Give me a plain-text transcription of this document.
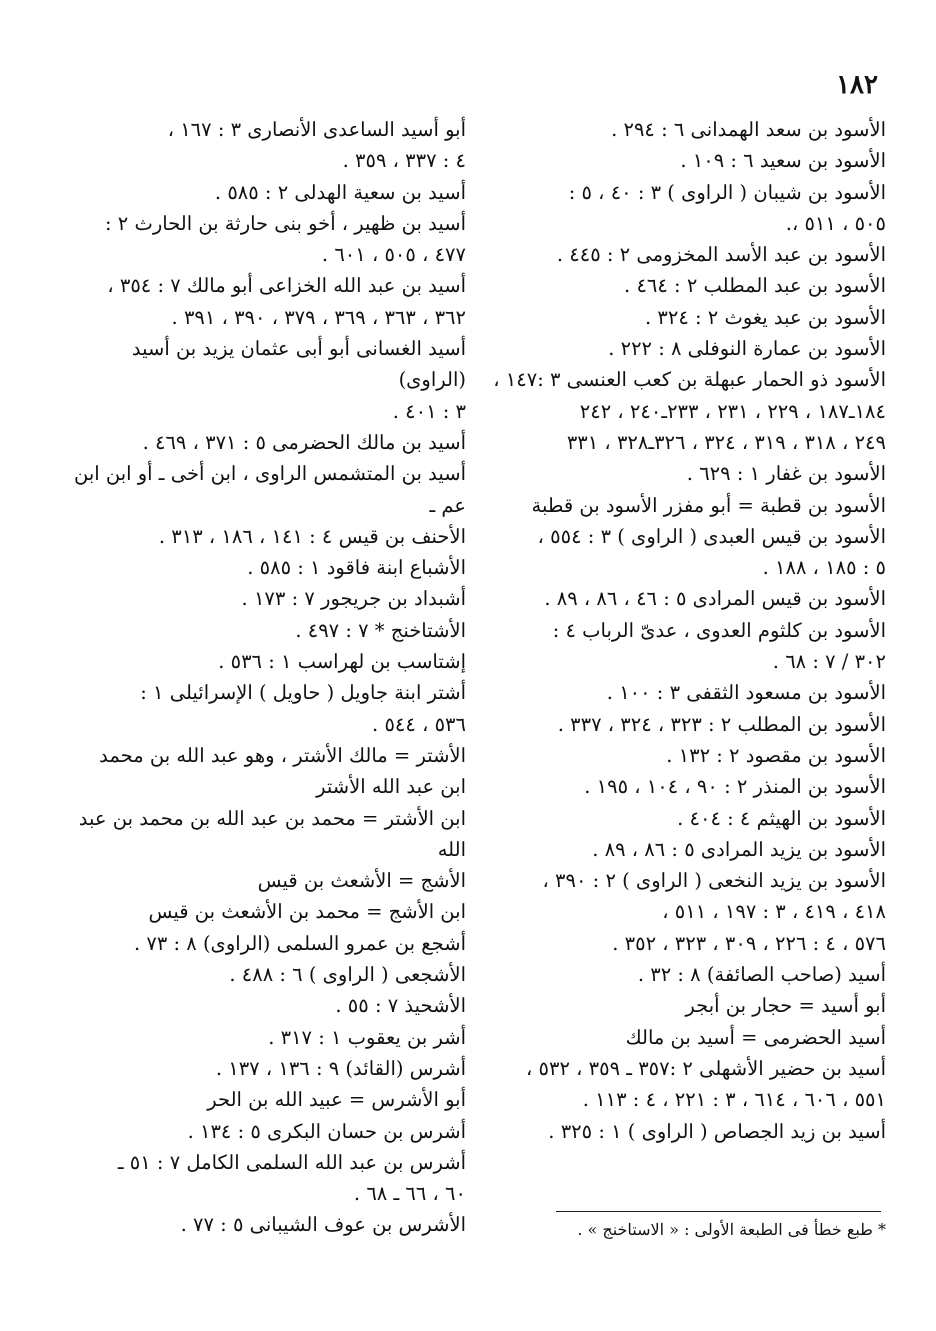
١٨٢
الأسود بن سعد الهمدانى ٦ : ٢٩٤ .
الأسود بن سعيد ٦ : ١٠٩ .
الأسود بن شيبان ( الراوى ) ٣ : ٤٠ ، ٥ :
٥٠٥ ، ٥١١ ،.
الأسود بن عبد الأسد المخزومى ٢ : ٤٤٥ .
الأسود بن عبد المطلب ٢ : ٤٦٤ .
الأسود بن عبد يغوث ٢ : ٣٢٤ .
الأسود بن عمارة النوفلى ٨ : ٢٢٢ .
الأسود ذو الحمار عبهلة بن كعب العنسى ٣ :١٤٧ ،
١٨٤ـ١٨٧ ، ٢٢٩ ، ٢٣١ ، ٢٣٣ـ٢٤٠ ، ٢٤٢
٢٤٩ ، ٣١٨ ، ٣١٩ ، ٣٢٤ ، ٣٢٦ـ٣٢٨ ، ٣٣١
الأسود بن غفار ١ : ٦٢٩ .
الأسود بن قطبة = أبو مفزر الأسود بن قطبة
الأسود بن قيس العبدى ( الراوى ) ٣ : ٥٥٤ ،
٥ : ١٨٥ ، ١٨٨ .
الأسود بن قيس المرادى ٥ : ٤٦ ، ٨٦ ، ٨٩ .
الأسود بن كلثوم العدوى ، عدىّ الرباب ٤ :
٣٠٢ / ٧ : ٦٨ .
الأسود بن مسعود الثقفى ٣ : ١٠٠ .
الأسود بن المطلب ٢ : ٣٢٣ ، ٣٢٤ ، ٣٣٧ .
الأسود بن مقصود ٢ : ١٣٢ .
الأسود بن المنذر ٢ : ٩٠ ، ١٠٤ ، ١٩٥ .
الأسود بن الهيثم ٤ : ٤٠٤ .
الأسود بن يزيد المرادى ٥ : ٨٦ ، ٨٩ .
الأسود بن يزيد النخعى ( الراوى ) ٢ : ٣٩٠ ،
٤١٨ ، ٤١٩ ، ٣ : ١٩٧ ، ٥١١ ،
٥٧٦ ، ٤ : ٢٢٦ ، ٣٠٩ ، ٣٢٣ ، ٣٥٢ .
أسيد (صاحب الصائفة) ٨ : ٣٢ .
أبو أسيد = حجار بن أبجر
أسيد الحضرمى = أسيد بن مالك
أسيد بن حضير الأشهلى ٢ :٣٥٧ ـ ٣٥٩ ، ٥٣٢ ،
٥٥١ ، ٦٠٦ ، ٦١٤ ، ٣ : ٢٢١ ، ٤ : ١١٣ .
أسيد بن زيد الجصاص ( الراوى ) ١ : ٣٢٥ .
أبو أسيد الساعدى الأنصارى ٣ : ١٦٧ ،
٤ : ٣٣٧ ، ٣٥٩ .
أسيد بن سعية الهدلى ٢ : ٥٨٥ .
أسيد بن ظهير ، أخو بنى حارثة بن الحارث ٢ :
٤٧٧ ، ٥٠٥ ، ٦٠١ .
أسيد بن عبد الله الخزاعى أبو مالك ٧ : ٣٥٤ ،
٣٦٢ ، ٣٦٣ ، ٣٦٩ ، ٣٧٩ ، ٣٩٠ ، ٣٩١ .
أسيد الغسانى أبو أبى عثمان يزيد بن أسيد (الراوى)
٣ : ٤٠١ .
أسيد بن مالك الحضرمى ٥ : ٣٧١ ، ٤٦٩ .
أسيد بن المتشمس الراوى ، ابن أخى ـ أو ابن ابن عم ـ
الأحنف بن قيس ٤ : ١٤١ ، ١٨٦ ، ٣١٣ .
الأشباع ابنة فاقود ١ : ٥٨٥ .
أشبداد بن جريجور ٧ : ١٧٣ .
الأشتاخنج * ٧ : ٤٩٧ .
إشتاسب بن لهراسب ١ : ٥٣٦ .
أشتر ابنة جاويل ( حاويل ) الإسرائيلى ١ :
٥٣٦ ، ٥٤٤ .
الأشتر = مالك الأشتر ، وهو عبد الله بن محمد
ابن عبد الله الأشتر
ابن الأشتر = محمد بن عبد الله بن محمد بن عبد الله
الأشج = الأشعث بن قيس
ابن الأشج = محمد بن الأشعث بن قيس
أشجع بن عمرو السلمى (الراوى) ٨ : ٧٣ .
الأشجعى ( الراوى ) ٦ : ٤٨٨ .
الأشحيذ ٧ : ٥٥ .
أشر بن يعقوب ١ : ٣١٧ .
أشرس (القائد) ٩ : ١٣٦ ، ١٣٧ .
أبو الأشرس = عبيد الله بن الحر
أشرس بن حسان البكرى ٥ : ١٣٤ .
أشرس بن عبد الله السلمى الكامل ٧ : ٥١ ـ
٦٠ ، ٦٦ ـ ٦٨ .
الأشرس بن عوف الشيبانى ٥ : ٧٧ .	* طبع خطأ فى الطبعة الأولى : « الاستاخنج » .
